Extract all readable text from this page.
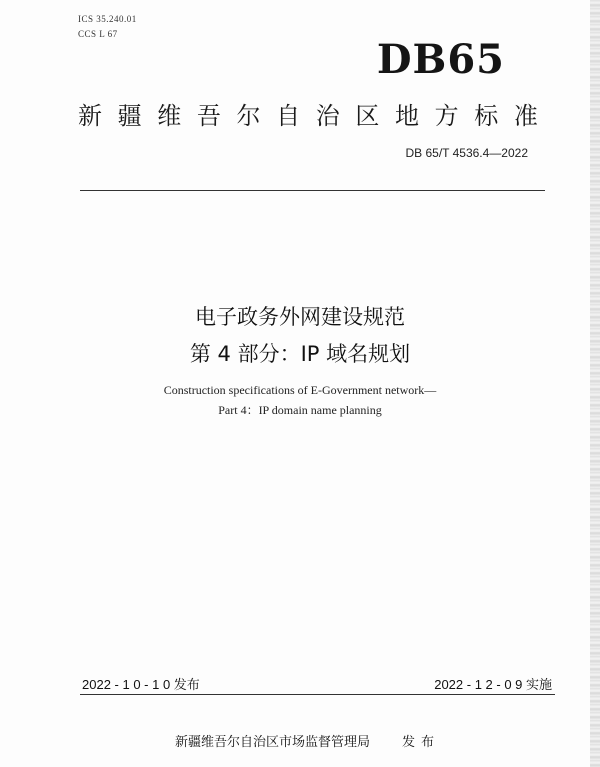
ICS 35.240.01
CCS L 67
DB65
新 疆 维 吾 尔 自 治 区 地 方 标 准
DB 65/T 4536.4—2022
电子政务外网建设规范
第 4 部分：IP 域名规划
Construction specifications of E-Government network—
Part 4：IP domain name planning
2022 - 1 0 - 1 0 发布	2022 - 1 2 - 0 9 实施
新疆维吾尔自治区市场监督管理局 发布
